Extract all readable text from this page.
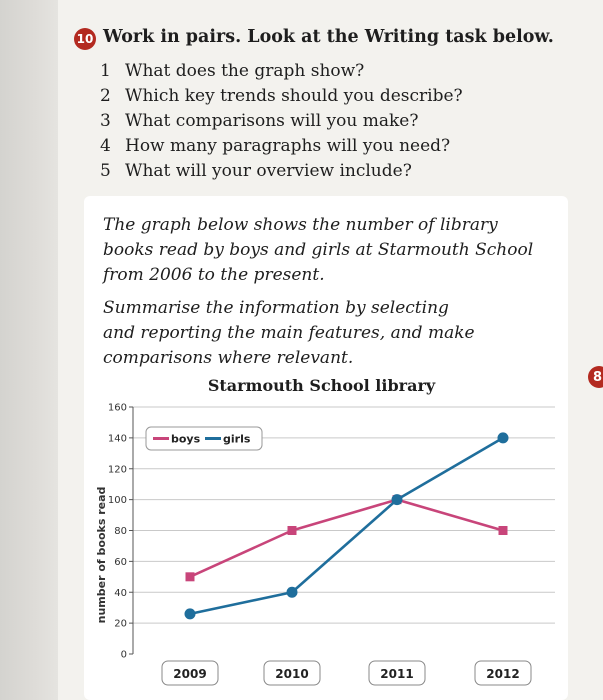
10 Work in pairs. Look at the Writing task below.
1 What does the graph show?
2 Which key trends should you describe?
3 What comparisons will you make?
4 How many paragraphs will you need?
5 What will your overview include?
The graph below shows the number of library
books read by boys and girls at Starmouth School
from 2006 to the present.
Summarise the information by selecting
and reporting the main features, and make
comparisons where relevant.
Starmouth School library
0
20
40
60
80
100
120
140
160
number of books read
2009	2010	2011	2012
boys girls
8
